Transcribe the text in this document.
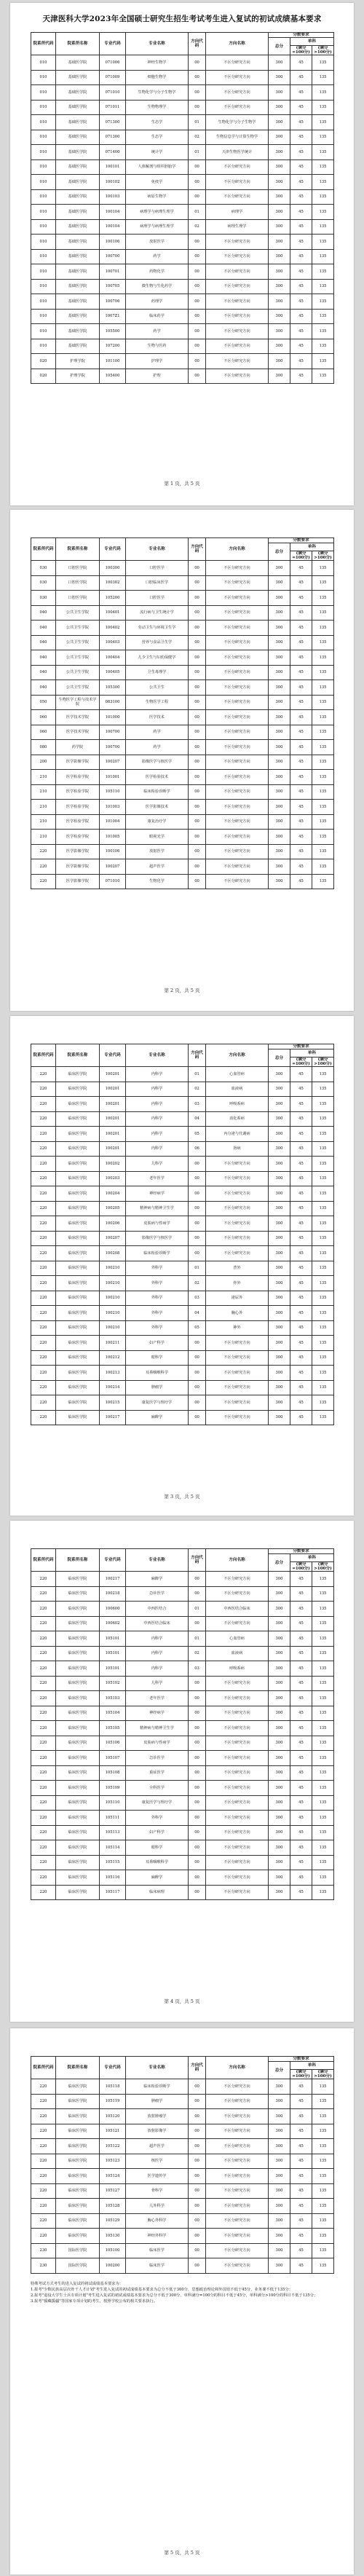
天津医科大学2023年全国硕士研究生招生考试考生进入复试的初试成绩基本要求
院系所代码	院系所名称	专业代码	专业名称	方向代码	方向名称	分数要求		
						总分	单科	
							(满分=100分)	(满分>100分)
010	基础医学院	071006	神经生物学	00	不区分研究方向	300	45	135
010	基础医学院	071009	细胞生物学	00	不区分研究方向	300	45	135
010	基础医学院	071010	生物化学与分子生物学	00	不区分研究方向	300	45	135
010	基础医学院	071011	生物物理学	00	不区分研究方向	300	45	135
010	基础医学院	071300	生态学	01	生物化学与分子生物学	300	45	135
010	基础医学院	071300	生态学	02	生物信息学与计算生物学	300	45	135
010	基础医学院	071400	统计学	01	天津生物医学统计	300	45	135
010	基础医学院	100101	人体解剖与组织胚胎学	00	不区分研究方向	300	45	135
010	基础医学院	100102	免疫学	00	不区分研究方向	300	45	135
010	基础医学院	100103	病原生物学	00	不区分研究方向	300	45	135
010	基础医学院	100104	病理学与病理生理学	01	病理学	300	45	135
010	基础医学院	100104	病理学与病理生理学	02	病理生理学	300	45	135
010	基础医学院	100106	放射医学	00	不区分研究方向	300	45	135
010	基础医学院	100700	药学	00	不区分研究方向	300	45	135
010	基础医学院	100701	药物化学	00	不区分研究方向	300	45	135
010	基础医学院	100705	微生物与生化药学	00	不区分研究方向	300	45	135
010	基础医学院	100706	药理学	00	不区分研究方向	300	45	135
010	基础医学院	1007Z1	临床药学	00	不区分研究方向	300	45	135
010	基础医学院	105500	药学	00	不区分研究方向	300	45	135
010	基础医学院	107200	生物与医药	00	不区分研究方向	300	45	135
020	护理学院	101100	护理学	00	不区分研究方向	300	45	135
020	护理学院	105400	护理	00	不区分研究方向	300	45	135
第 1 页，共 5 页
院系所代码	院系所名称	专业代码	专业名称	方向代码	方向名称	分数要求		
						总分	单科	
							(满分=100分)	(满分>100分)
030	口腔医学院	100300	口腔医学	00	不区分研究方向	300	45	135
030	口腔医学院	100302	口腔临床医学	00	不区分研究方向	300	45	135
030	口腔医学院	105200	口腔医学	00	不区分研究方向	300	45	135
040	公共卫生学院	100401	流行病与卫生统计学	00	不区分研究方向	300	45	135
040	公共卫生学院	100402	劳动卫生与环境卫生学	00	不区分研究方向	300	45	135
040	公共卫生学院	100403	营养与食品卫生学	00	不区分研究方向	300	45	135
040	公共卫生学院	100404	儿少卫生与妇幼保健学	00	不区分研究方向	300	45	135
040	公共卫生学院	100405	卫生毒理学	00	不区分研究方向	300	45	135
040	公共卫生学院	105300	公共卫生	00	不区分研究方向	300	45	135
050	生物医学工程与技术学院	083100	生物医学工程	00	不区分研究方向	300	45	135
060	医学技术学院	101000	医学技术	00	不区分研究方向	300	45	135
060	医学技术学院	100700	药学	00	不区分研究方向	300	45	135
080	药学院	100700	药学	00	不区分研究方向	300	45	135
200	医学影像学院	100207	影像医学与核医学	00	不区分研究方向	300	45	135
210	医学检验学院	101001	医学检验技术	00	不区分研究方向	300	45	135
210	医学检验学院	105110	临床检验诊断学	00	不区分研究方向	300	45	135
210	医学检验学院	101003	医学影像技术	00	不区分研究方向	300	45	135
210	医学检验学院	101004	康复治疗学	00	不区分研究方向	300	45	135
210	医学检验学院	101005	眼视光学	00	不区分研究方向	300	45	135
220	医学影像学院	100106	放射医学	00	不区分研究方向	300	45	135
220	医学影像学院	100207	超声医学	00	不区分研究方向	300	45	135
220	医学影像学院	071010	生物化学	00	不区分研究方向	300	45	135
第 2 页，共 5 页
院系所代码	院系所名称	专业代码	专业名称	方向代码	方向名称	分数要求		
						总分	单科	
							(满分=100分)	(满分>100分)
220	临床医学院	100201	内科学	01	心血管病	300	45	135
220	临床医学院	100201	内科学	02	血液病	300	45	135
220	临床医学院	100201	内科学	03	呼吸系病	300	45	135
220	临床医学院	100201	内科学	04	消化系病	300	45	135
220	临床医学院	100201	内科学	05	内分泌与代谢病	300	45	135
220	临床医学院	100201	内科学	06	肾病	300	45	135
220	临床医学院	100202	儿科学	00	不区分研究方向	300	45	135
220	临床医学院	100203	老年医学	00	不区分研究方向	300	45	135
220	临床医学院	100204	神经病学	00	不区分研究方向	300	45	135
220	临床医学院	100205	精神病与精神卫生学	00	不区分研究方向	300	45	135
220	临床医学院	100206	皮肤病与性病学	00	不区分研究方向	300	45	135
220	临床医学院	100207	影像医学与核医学	00	不区分研究方向	300	45	135
220	临床医学院	100208	临床检验诊断学	00	不区分研究方向	300	45	135
220	临床医学院	100210	外科学	01	普外	300	45	135
220	临床医学院	100210	外科学	02	骨外	300	45	135
220	临床医学院	100210	外科学	03	泌尿外	300	45	135
220	临床医学院	100210	外科学	04	胸心外	300	45	135
220	临床医学院	100210	外科学	05	神外	300	45	135
220	临床医学院	100211	妇产科学	00	不区分研究方向	300	45	135
220	临床医学院	100212	眼科学	00	不区分研究方向	300	45	135
220	临床医学院	100213	耳鼻咽喉科学	00	不区分研究方向	300	45	135
220	临床医学院	100214	肿瘤学	00	不区分研究方向	300	45	135
220	临床医学院	100215	康复医学与理疗学	00	不区分研究方向	300	45	135
220	临床医学院	100217	麻醉学	00	不区分研究方向	300	45	135
第 3 页，共 5 页
院系所代码	院系所名称	专业代码	专业名称	方向代码	方向名称	分数要求		
						总分	单科	
							(满分=100分)	(满分>100分)
220	临床医学院	100217	麻醉学	00	不区分研究方向	300	45	135
220	临床医学院	100218	急诊医学	00	不区分研究方向	300	45	135
220	临床医学院	100600	中西医结合	01	中西医结合临床	300	45	135
220	临床医学院	100602	中西医结合临床	00	不区分研究方向	300	45	135
220	临床医学院	105101	内科学	01	心血管病	300	45	135
220	临床医学院	105101	内科学	02	血液病	300	45	135
220	临床医学院	105101	内科学	03	呼吸系病	300	45	135
220	临床医学院	105102	儿科学	00	不区分研究方向	300	45	135
220	临床医学院	105103	老年医学	00	不区分研究方向	300	45	135
220	临床医学院	105104	神经病学	00	不区分研究方向	300	45	135
220	临床医学院	105105	精神病与精神卫生学	00	不区分研究方向	300	45	135
220	临床医学院	105106	皮肤病与性病学	00	不区分研究方向	300	45	135
220	临床医学院	105107	急诊医学	00	不区分研究方向	300	45	135
220	临床医学院	105108	重症医学	00	不区分研究方向	300	45	135
220	临床医学院	105109	全科医学	00	不区分研究方向	300	45	135
220	临床医学院	105110	康复医学与理疗学	00	不区分研究方向	300	45	135
220	临床医学院	105111	外科学	00	不区分研究方向	300	45	135
220	临床医学院	105113	妇产科学	00	不区分研究方向	300	45	135
220	临床医学院	105114	眼科学	00	不区分研究方向	300	45	135
220	临床医学院	105115	耳鼻咽喉科学	00	不区分研究方向	300	45	135
220	临床医学院	105116	麻醉学	00	不区分研究方向	300	45	135
220	临床医学院	105117	临床病理	00	不区分研究方向	300	45	135
第 4 页，共 5 页
院系所代码	院系所名称	专业代码	专业名称	方向代码	方向名称	分数要求		
						总分	单科	
							(满分=100分)	(满分>100分)
220	临床医学院	105118	临床检验诊断学	00	不区分研究方向	300	45	135
220	临床医学院	105119	肿瘤学	00	不区分研究方向	300	45	135
220	临床医学院	105120	放射肿瘤学	00	不区分研究方向	300	45	135
220	临床医学院	105121	放射影像学	00	不区分研究方向	300	45	135
220	临床医学院	105122	超声医学	00	不区分研究方向	300	45	135
220	临床医学院	105123	核医学	00	不区分研究方向	300	45	135
220	临床医学院	105124	医学遗传学	00	不区分研究方向	300	45	135
220	临床医学院	105127	骨科学	00	不区分研究方向	300	45	135
220	临床医学院	105128	儿外科学	00	不区分研究方向	300	45	135
220	临床医学院	105129	胸心外科学	00	不区分研究方向	300	45	135
220	临床医学院	105130	神经外科学	00	不区分研究方向	300	45	135
230	国际医学院	105100	临床医学	00	不区分研究方向	300	45	135
230	国际医学院	100200	临床医学	00	不区分研究方向	300	45	135

特殊考试方式考生的进入复试的初试成绩基本要求为：

1.报考"少数民族高层次骨干人才计划"考生进入复试的初试成绩基本要求为总分不低于300分，思想政治理论和外国语不低于45分，业务课不低于135分；

2.报考"退役大学生士兵专项计划"考生进入复试的初试成绩基本要求为总分不低于300分，单科满分=100分的科目不低于45分，单科满分>100分的科目不低于135分；

3.报考"援藏援疆"等国家专项计划的考生，按照学校公布的相关要求执行。

第 5 页，共 5 页
